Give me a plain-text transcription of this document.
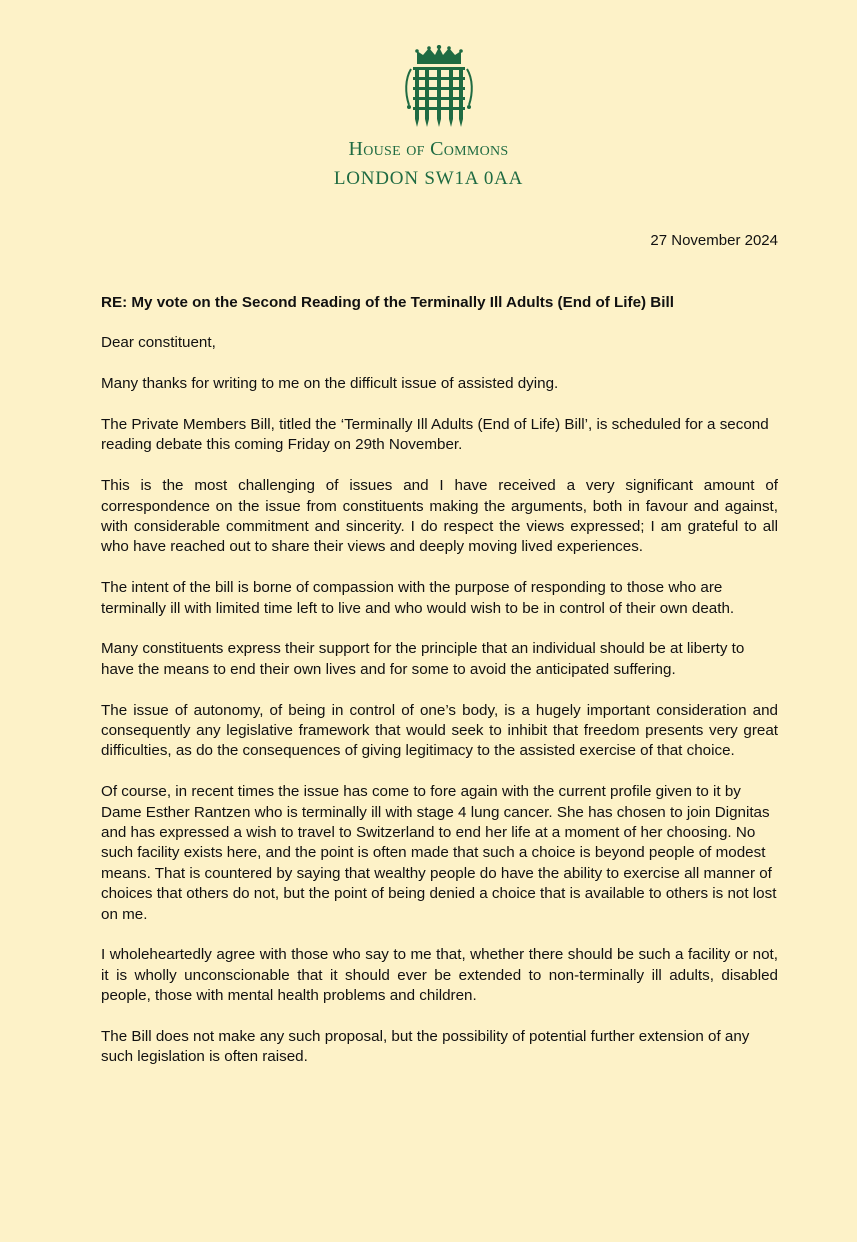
House of Commons
LONDON SW1A 0AA
27 November 2024
RE: My vote on the Second Reading of the Terminally Ill Adults (End of Life) Bill

Dear constituent,

Many thanks for writing to me on the difficult issue of assisted dying.

The Private Members Bill, titled the ‘Terminally Ill Adults (End of Life) Bill’, is scheduled for a second reading debate this coming Friday on 29th November.

This is the most challenging of issues and I have received a very significant amount of correspondence on the issue from constituents making the arguments, both in favour and against, with considerable commitment and sincerity. I do respect the views expressed; I am grateful to all who have reached out to share their views and deeply moving lived experiences.

The intent of the bill is borne of compassion with the purpose of responding to those who are terminally ill with limited time left to live and who would wish to be in control of their own death.

Many constituents express their support for the principle that an individual should be at liberty to have the means to end their own lives and for some to avoid the anticipated suffering.

The issue of autonomy, of being in control of one’s body, is a hugely important consideration and consequently any legislative framework that would seek to inhibit that freedom presents very great difficulties, as do the consequences of giving legitimacy to the assisted exercise of that choice.

Of course, in recent times the issue has come to fore again with the current profile given to it by Dame Esther Rantzen who is terminally ill with stage 4 lung cancer. She has chosen to join Dignitas and has expressed a wish to travel to Switzerland to end her life at a moment of her choosing. No such facility exists here, and the point is often made that such a choice is beyond people of modest means. That is countered by saying that wealthy people do have the ability to exercise all manner of choices that others do not, but the point of being denied a choice that is available to others is not lost on me.

I wholeheartedly agree with those who say to me that, whether there should be such a facility or not, it is wholly unconscionable that it should ever be extended to non-terminally ill adults, disabled people, those with mental health problems and children.

The Bill does not make any such proposal, but the possibility of potential further extension of any such legislation is often raised.
